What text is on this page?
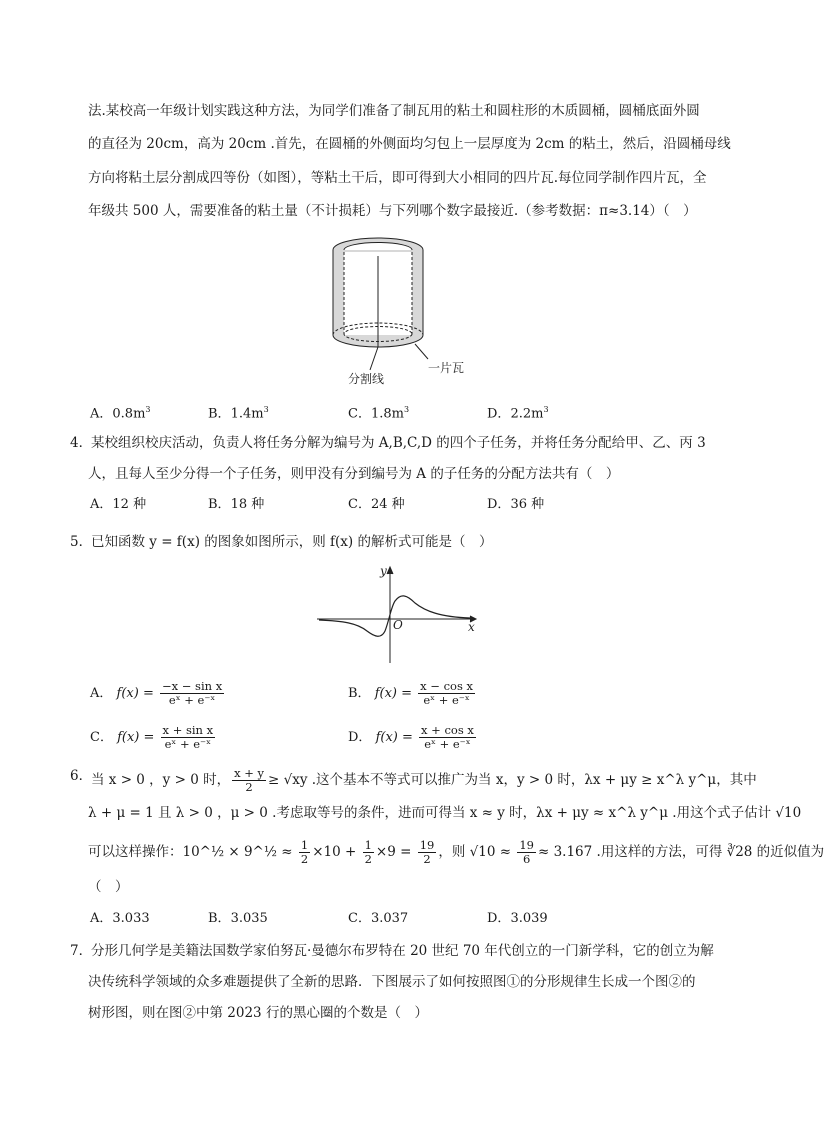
法.某校高一年级计划实践这种方法，为同学们准备了制瓦用的粘土和圆柱形的木质圆桶，圆桶底面外圆
的直径为 20cm，高为 20cm .首先，在圆桶的外侧面均匀包上一层厚度为 2cm 的粘土，然后，沿圆桶母线
方向将粘土层分割成四等份（如图），等粘土干后，即可得到大小相同的四片瓦.每位同学制作四片瓦，全
年级共 500 人，需要准备的粘土量（不计损耗）与下列哪个数字最接近.（参考数据：π≈3.14）（　）
分割线
一片瓦
A．$0.8m^3$	B．$1.4m^3$	C．$1.8m^3$	D．$2.2m^3$
4．
某校组织校庆活动，负责人将任务分解为编号为 A,B,C,D 的四个子任务，并将任务分配给甲、乙、丙 3
人，且每人至少分得一个子任务，则甲没有分到编号为 A 的子任务的分配方法共有（　）
A．12 种	B．18 种	C．24 种	D．36 种
5．
已知函数 y = f(x) 的图象如图所示，则 f(x) 的解析式可能是（　）
y
x
O
A． $f(x) = \frac{\text{−x − sin x}}{\text{eˣ + e⁻ˣ}}$	B． $f(x) = \frac{\text{x − cos x}}{\text{eˣ + e⁻ˣ}}$
C． $f(x) = \frac{\text{x + sin x}}{\text{eˣ + e⁻ˣ}}$	D． $f(x) = \frac{\text{x + cos x}}{\text{eˣ + e⁻ˣ}}$
6．
当 x > 0 ，y > 0 时， $\frac{x + y}{2} \ge √xy$ .这个基本不等式可以推广为当 x，y > 0 时，λx + μy ≥ x^λ y^μ，其中
λ + μ = 1 且 λ > 0 ，μ > 0 .考虑取等号的条件，进而可得当 x ≈ y 时，λx + μy ≈ x^λ y^μ .用这个式子估计 √10
可以这样操作：10^½ × 9^½ ≈ $\frac{1}{2} \times 10 + \frac{1}{2} \times 9 = \frac{19}{2}$ ，则 $√10 \approx \frac{19}{6} \approx 3.167$ .用这样的方法，可得 ∛28 的近似值为
（　）
A．3.033	B．3.035	C．3.037	D．3.039
7．
分形几何学是美籍法国数学家伯努瓦·曼德尔布罗特在 20 世纪 70 年代创立的一门新学科，它的创立为解
决传统科学领域的众多难题提供了全新的思路．下图展示了如何按照图①的分形规律生长成一个图②的
树形图，则在图②中第 2023 行的黑心圈的个数是（　）
